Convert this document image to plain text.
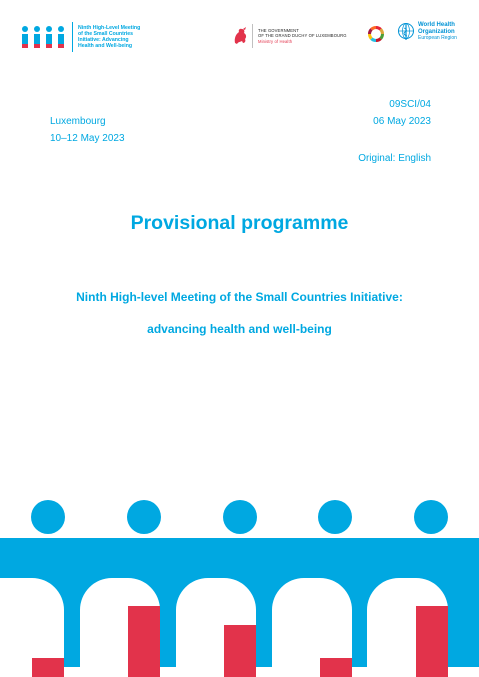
Ninth High-Level Meeting
of the Small Countries
Initiative: Advancing
Health and Well-being
THE GOVERNMENT
OF THE GRAND DUCHY OF LUXEMBOURG
Ministry of Health
World Health
Organization
European Region
09SCI/04
06 May 2023
Original: English
Luxembourg
10–12 May 2023
Provisional programme
Ninth High-level Meeting of the Small Countries Initiative:
advancing health and well-being
